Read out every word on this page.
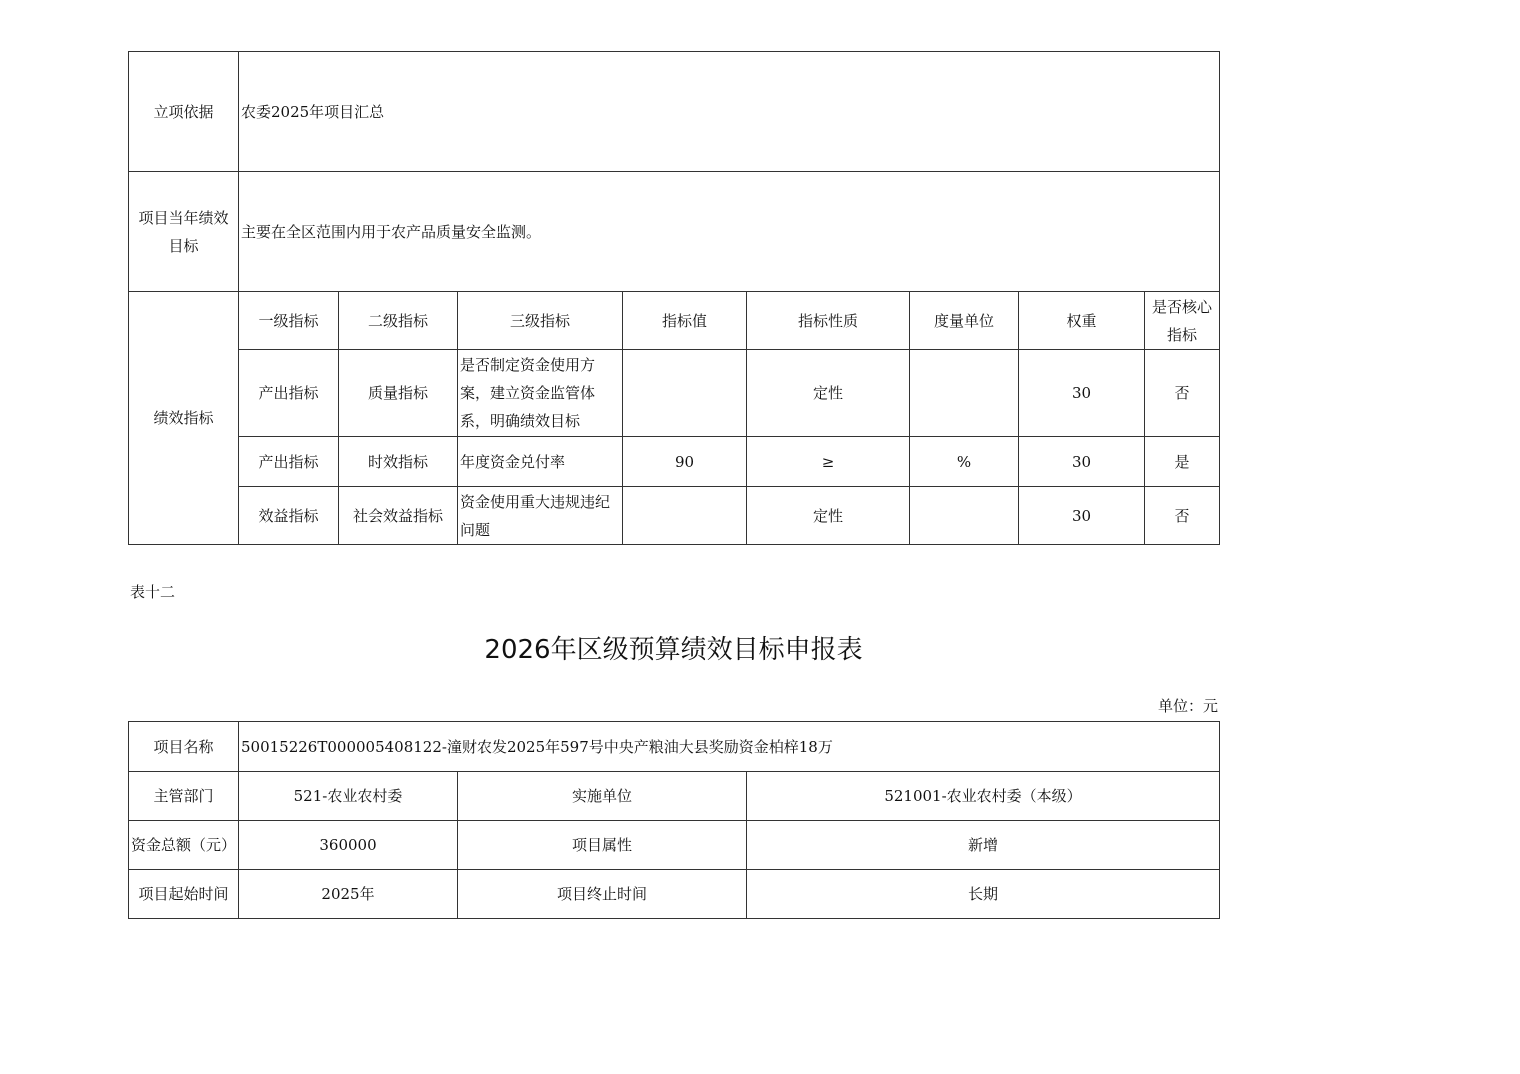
立项依据	农委2025年项目汇总							
项目当年绩效
目标	主要在全区范围内用于农产品质量安全监测。							
绩效指标	一级指标	二级指标	三级指标	指标值	指标性质	度量单位	权重	是否核心
指标
	产出指标	质量指标	是否制定资金使用方案，建立资金监管体系，明确绩效目标		定性		30	否
	产出指标	时效指标	年度资金兑付率	90	≥	%	30	是
	效益指标	社会效益指标	资金使用重大违规违纪问题		定性		30	否
表十二
2026年区级预算绩效目标申报表
单位：元
项目名称	50015226T000005408122-潼财农发2025年597号中央产粮油大县奖励资金柏梓18万		
主管部门	521-农业农村委	实施单位	521001-农业农村委（本级）
资金总额（元）	360000	项目属性	新增
项目起始时间	2025年	项目终止时间	长期
